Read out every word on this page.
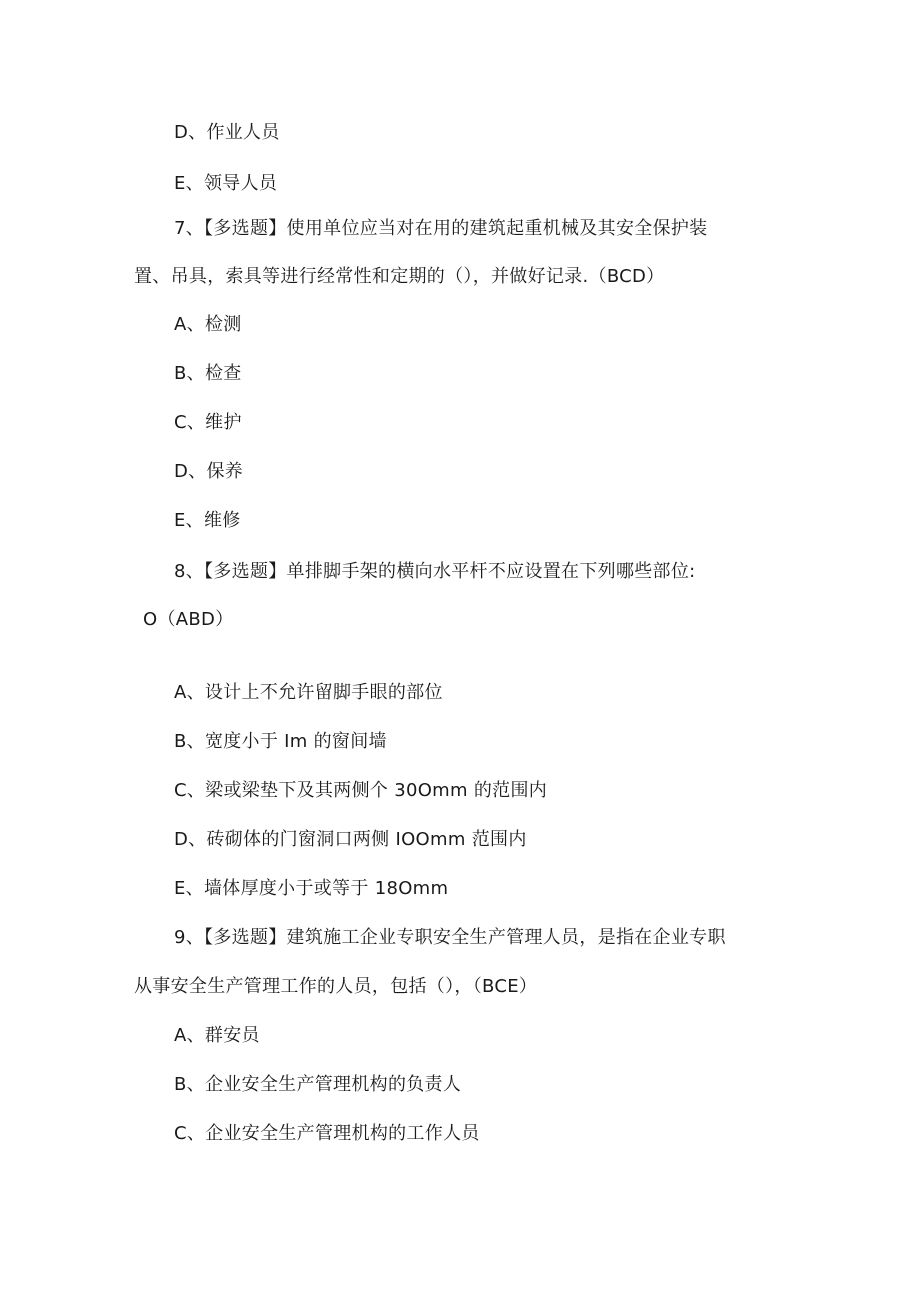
D、作业人员
E、领导人员
7、【多选题】使用单位应当对在用的建筑起重机械及其安全保护装
置、吊具，索具等进行经常性和定期的（），并做好记录.（BCD）
A、检测
B、检查
C、维护
D、保养
E、维修
8、【多选题】单排脚手架的横向水平杆不应设置在下列哪些部位:
O（ABD）
A、设计上不允许留脚手眼的部位
B、宽度小于 Im 的窗间墙
C、梁或梁垫下及其两侧个 30Omm 的范围内
D、砖砌体的门窗洞口两侧 IOOmm 范围内
E、墙体厚度小于或等于 18Omm
9、【多选题】建筑施工企业专职安全生产管理人员，是指在企业专职
从事安全生产管理工作的人员，包括（），（BCE）
A、群安员
B、企业安全生产管理机构的负责人
C、企业安全生产管理机构的工作人员
